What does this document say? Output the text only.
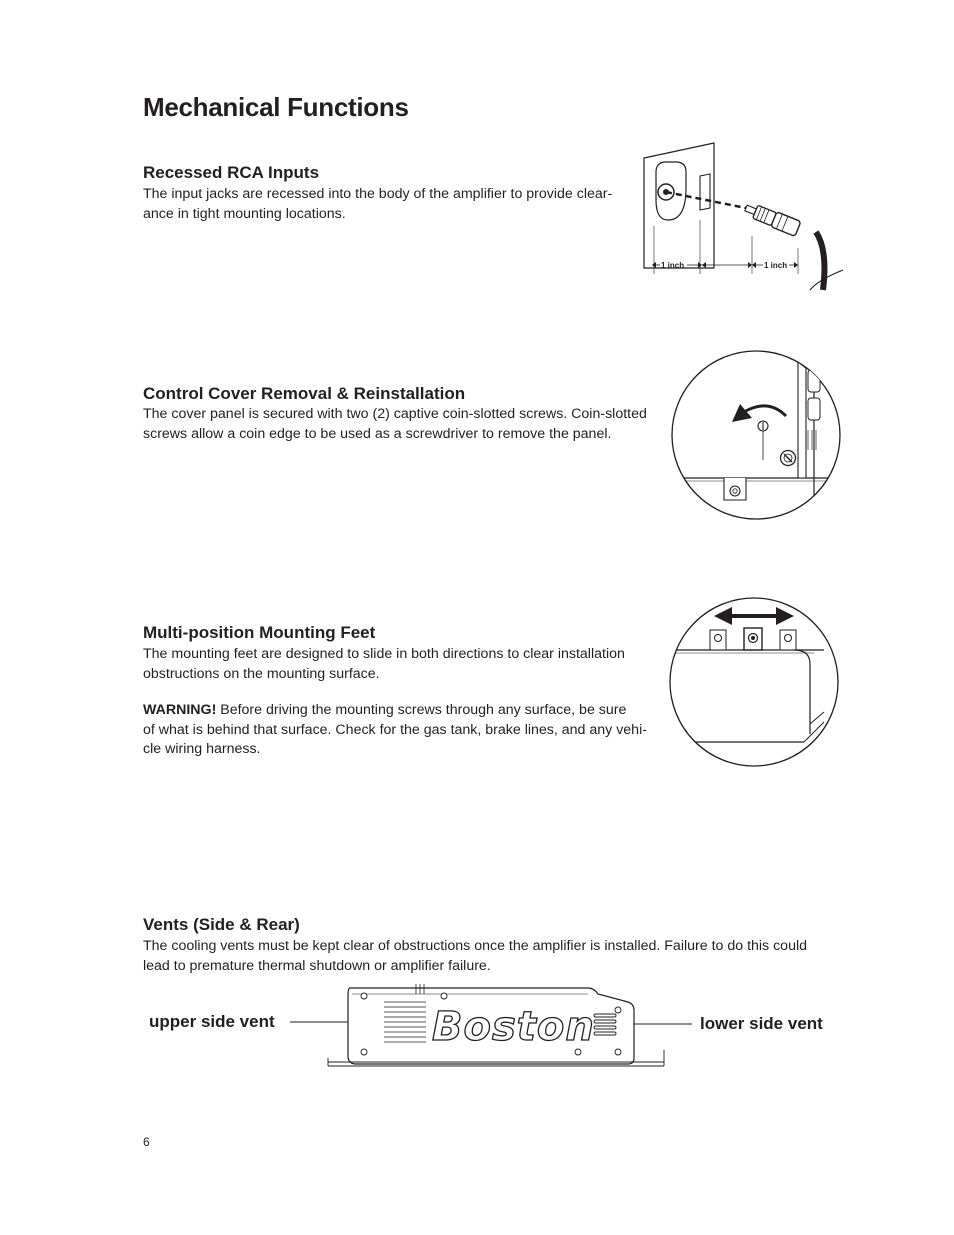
Mechanical Functions
Recessed RCA Inputs

The input jacks are recessed into the body of the amplifier to provide clear-
ance in tight mounting locations.

1 inch	1 inch
Control Cover Removal & Reinstallation

The cover panel is secured with two (2) captive coin-slotted screws. Coin-slotted
screws allow a coin edge to be used as a screwdriver to remove the panel.

Multi-position Mounting Feet

The mounting feet are designed to slide in both directions to clear installation
obstructions on the mounting surface.

WARNING! Before driving the mounting screws through any surface, be sure
of what is behind that surface. Check for the gas tank, brake lines, and any vehi-
cle wiring harness.

Vents (Side & Rear)

The cooling vents must be kept clear of obstructions once the amplifier is installed. Failure to do this could
lead to premature thermal shutdown or amplifier failure.

upper side vent	lower side vent
Boston
6
